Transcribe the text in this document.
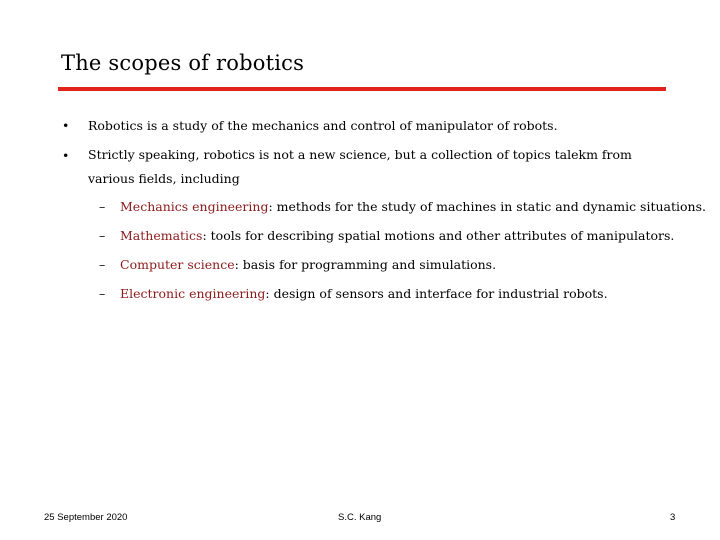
The scopes of robotics
• Robotics is a study of the mechanics and control of manipulator of robots.
• Strictly speaking, robotics is not a new science, but a collection of topics talekm from various fields, including
– Mechanics engineering: methods for the study of machines in static and dynamic situations.
– Mathematics: tools for describing spatial motions and other attributes of manipulators.
– Computer science: basis for programming and simulations.
– Electronic engineering: design of sensors and interface for industrial robots.
25 September 2020	S.C. Kang	3
